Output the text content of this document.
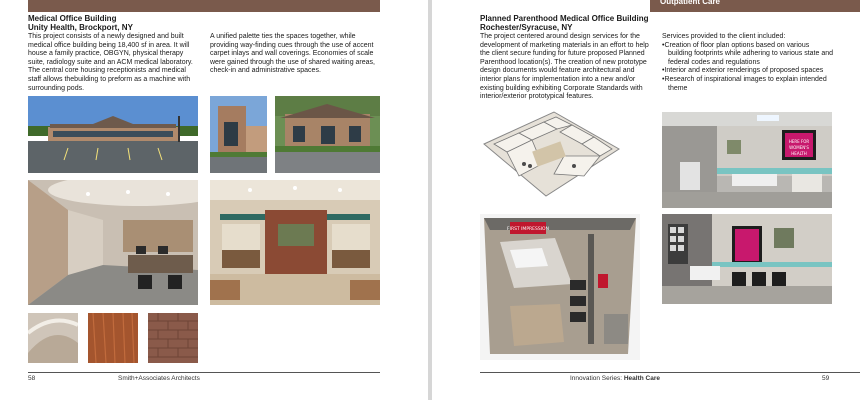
Medical Office Building
Unity Health, Brockport, NY

This project consists of a newly designed and built medical office building being 18,400 sf in area. It will house a family practice, OBGYN, physical therapy suite, radiology suite and an ACM medical laboratory. The central core housing receptionists and medical staff allows thebuilding to preform as a machine with surrounding pods.

A unified palette ties the spaces together, while providing way-finding cues through the use of accent carpet inlays and wall coverings. Economies of scale were gained through the use of shared waiting areas, check-in and administrative spaces.

58	Smith+Associates Architects
Outpatient Care
Planned Parenthood Medical Office Building
Rochester/Syracuse, NY

The project centered around design services for the development of marketing materials in an effort to help the client secure funding for future proposed Planned Parenthood location(s). The creation of new prototype design documents would feature architectural and interior plans for implementation into a new and/or existing building exhibiting Corporate Standards with interior/exterior prototypical features.

Services provided to the client included:

• Creation of floor plan options based on various building footprints while adhering to various state and federal codes and regulations
• Interior and exterior renderings of proposed spaces
• Research of inspirational images to explain intended theme
HERE FOR
WOMEN'S
HEALTH
FIRST IMPRESSION
Innovation Series: Health Care	59
